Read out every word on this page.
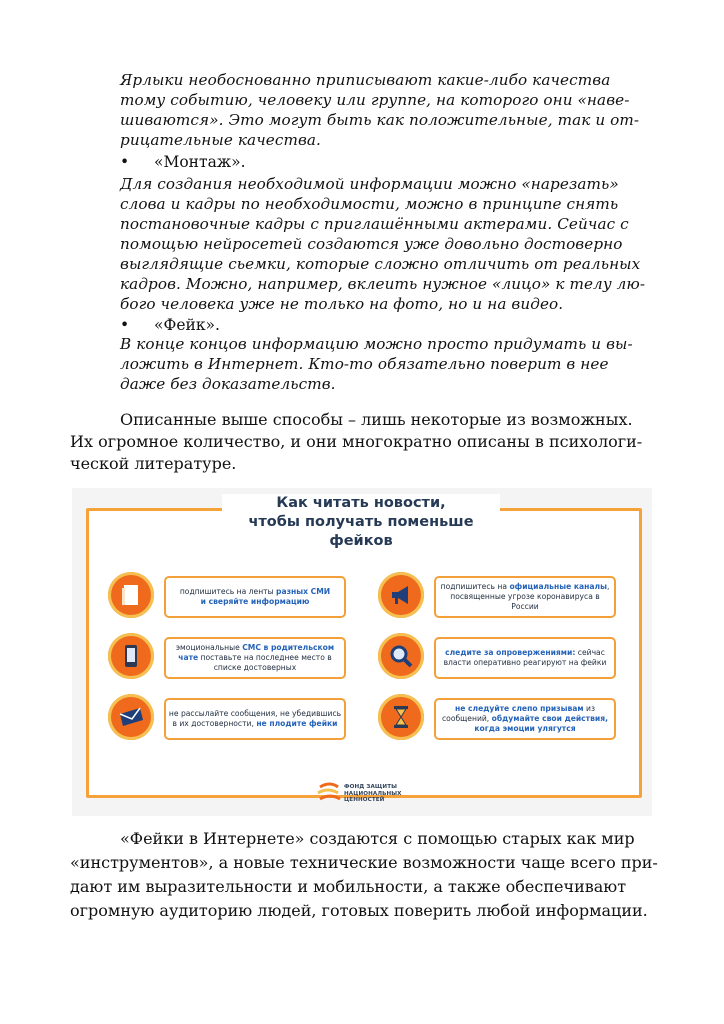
Ярлыки необоснованно приписывают какие-либо качества
тому событию, человеку или группе, на которого они «наве-
шиваются». Это могут быть как положительные, так и от-
рицательные качества.
• «Монтаж».
Для создания необходимой информации можно «нарезать»
слова и кадры по необходимости, можно в принципе снять
постановочные кадры с приглашёнными актерами. Сейчас с
помощью нейросетей создаются уже довольно достоверно
выглядящие сьемки, которые сложно отличить от реальных
кадров. Можно, например, вклеить нужное «лицо» к телу лю-
бого человека уже не только на фото, но и на видео.
• «Фейк».
В конце концов информацию можно просто придумать и вы-
ложить в Интернет. Кто-то обязательно поверит в нее
даже без доказательств.
Описанные выше способы – лишь некоторые из возможных.
Их огромное количество, и они многократно описаны в психологи-
ческой литературе.
Как читать новости,
чтобы получать поменьше фейков
подпишитесь на ленты разных СМИ
и сверяйте информацию
подпишитесь на официальные каналы, посвященные угрозе коронавируса в России
эмоциональные СМС в родительском чате поставьте на последнее место в списке достоверных
следите за опровержениями: сейчас власти оперативно реагируют на фейки
не рассылайте сообщения, не убедившись в их достоверности, не плодите фейки
не следуйте слепо призывам из сообщений, обдумайте свои действия, когда эмоции улягутся
ФОНД ЗАЩИТЫ
НАЦИОНАЛЬНЫХ
ЦЕННОСТЕЙ
«Фейки в Интернете» создаются с помощью старых как мир
«инструментов», а новые технические возможности чаще всего при-
дают им выразительности и мобильности, а также обеспечивают
огромную аудиторию людей, готовых поверить любой информации.
